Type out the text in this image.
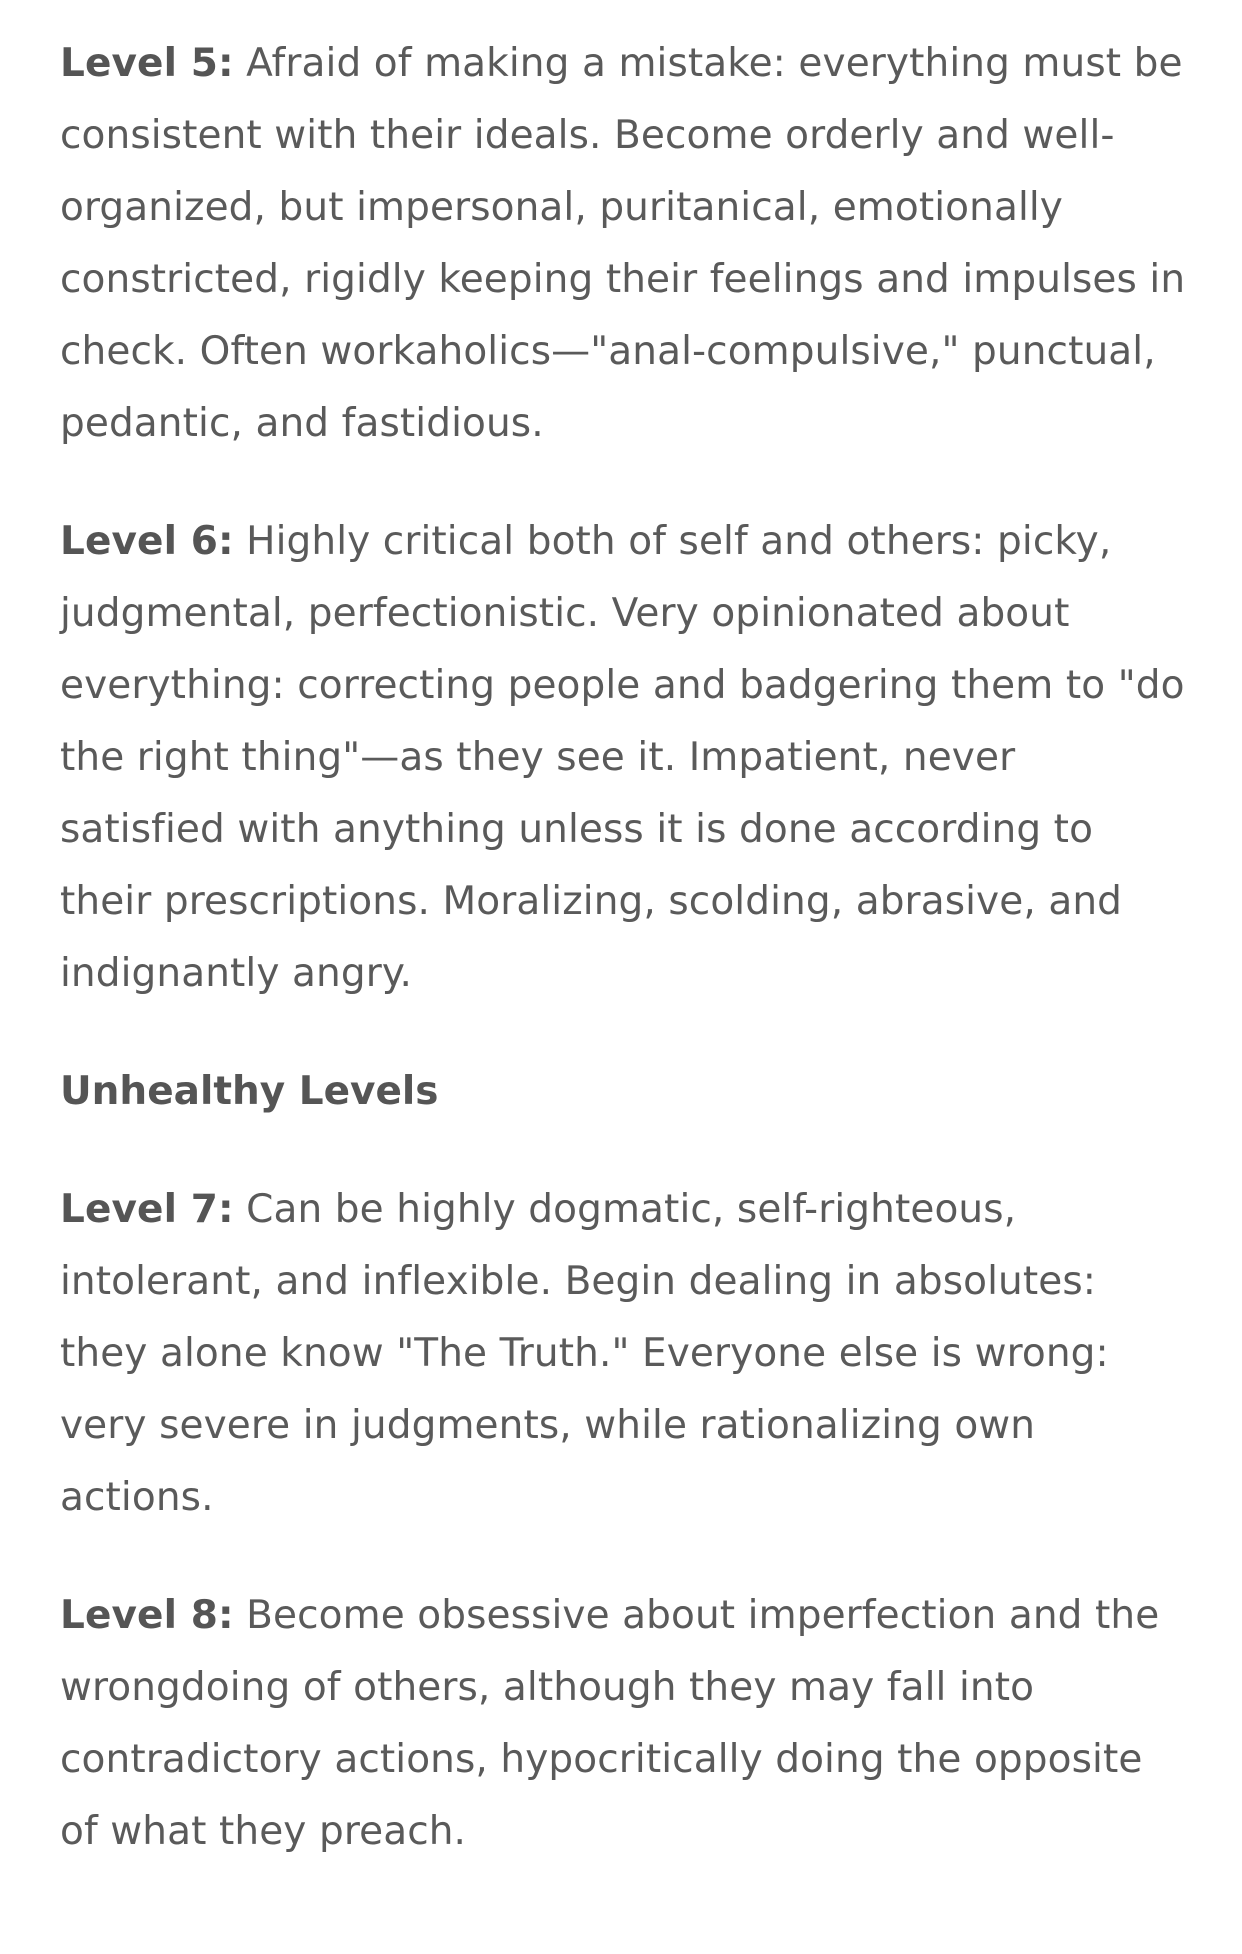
Level 5: Afraid of making a mistake: everything must be consistent with their ideals. Become orderly and well-organized, but impersonal, puritanical, emotionally constricted, rigidly keeping their feelings and impulses in check. Often workaholics—"anal-compulsive," punctual, pedantic, and fastidious.

Level 6: Highly critical both of self and others: picky, judgmental, perfectionistic. Very opinionated about everything: correcting people and badgering them to "do the right thing"—as they see it. Impatient, never satisfied with anything unless it is done according to their prescriptions. Moralizing, scolding, abrasive, and indignantly angry.

Unhealthy Levels

Level 7: Can be highly dogmatic, self-righteous, intolerant, and inflexible. Begin dealing in absolutes: they alone know "The Truth." Everyone else is wrong: very severe in judgments, while rationalizing own actions.

Level 8: Become obsessive about imperfection and the wrongdoing of others, although they may fall into contradictory actions, hypocritically doing the opposite of what they preach.
